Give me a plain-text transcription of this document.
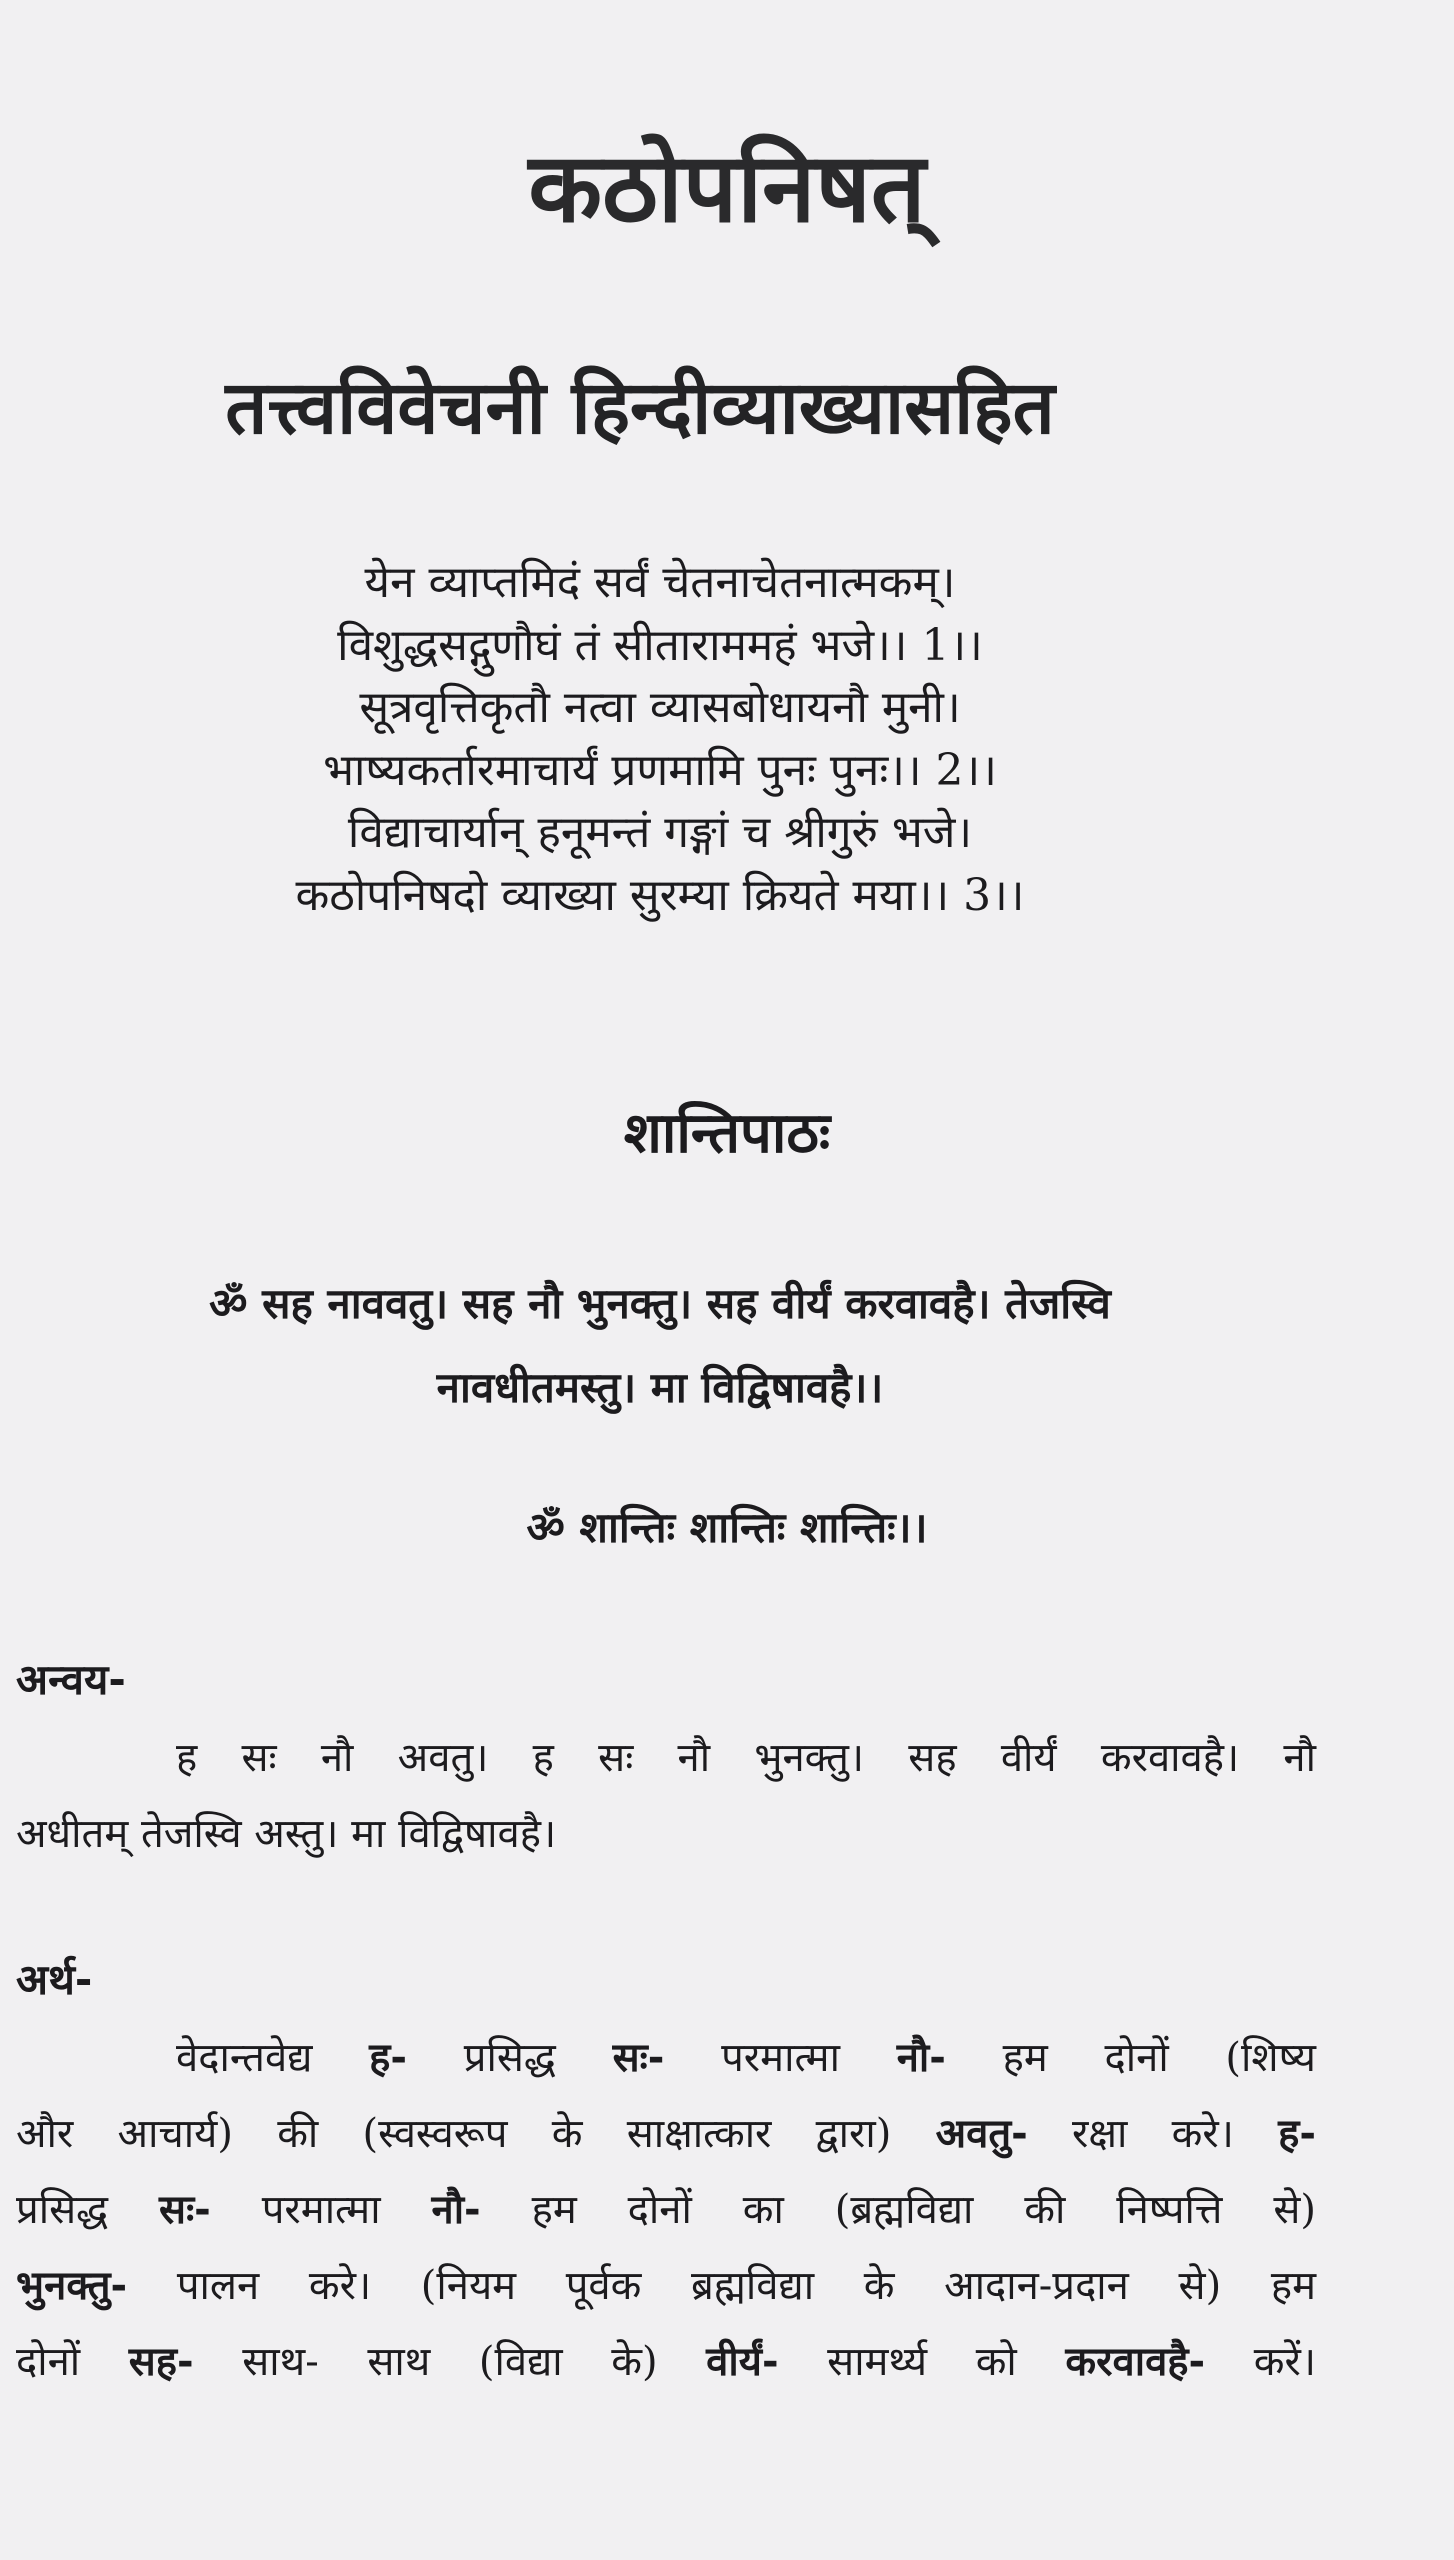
कठोपनिषत्
तत्त्वविवेचनी हिन्दीव्याख्यासहित
येन व्याप्तमिदं सर्वं चेतनाचेतनात्मकम्।
विशुद्धसद्गुणौघं तं सीताराममहं भजे।। 1।।
सूत्रवृत्तिकृतौ नत्वा व्यासबोधायनौ मुनी।
भाष्यकर्तारमाचार्यं प्रणमामि पुनः पुनः।। 2।।
विद्याचार्यान् हनूमन्तं गङ्गां च श्रीगुरुं भजे।
कठोपनिषदो व्याख्या सुरम्या क्रियते मया।। 3।।
शान्तिपाठः
ॐ सह नाववतु। सह नौ भुनक्तु। सह वीर्यं करवावहै। तेजस्वि
नावधीतमस्तु। मा विद्विषावहै।।
ॐ शान्तिः शान्तिः शान्तिः।।
अन्वय-
ह सः नौ अवतु। ह सः नौ भुनक्तु। सह वीर्यं करवावहै। नौ
अधीतम् तेजस्वि अस्तु। मा विद्विषावहै।
अर्थ-
वेदान्तवेद्य ह- प्रसिद्ध सः- परमात्मा नौ- हम दोनों (शिष्य
और आचार्य) की (स्वस्वरूप के साक्षात्कार द्वारा) अवतु- रक्षा करे। ह-
प्रसिद्ध सः- परमात्मा नौ- हम दोनों का (ब्रह्मविद्या की निष्पत्ति से)
भुनक्तु- पालन करे। (नियम पूर्वक ब्रह्मविद्या के आदान-प्रदान से) हम
दोनों सह- साथ- साथ (विद्या के) वीर्यं- सामर्थ्य को करवावहै- करें।
